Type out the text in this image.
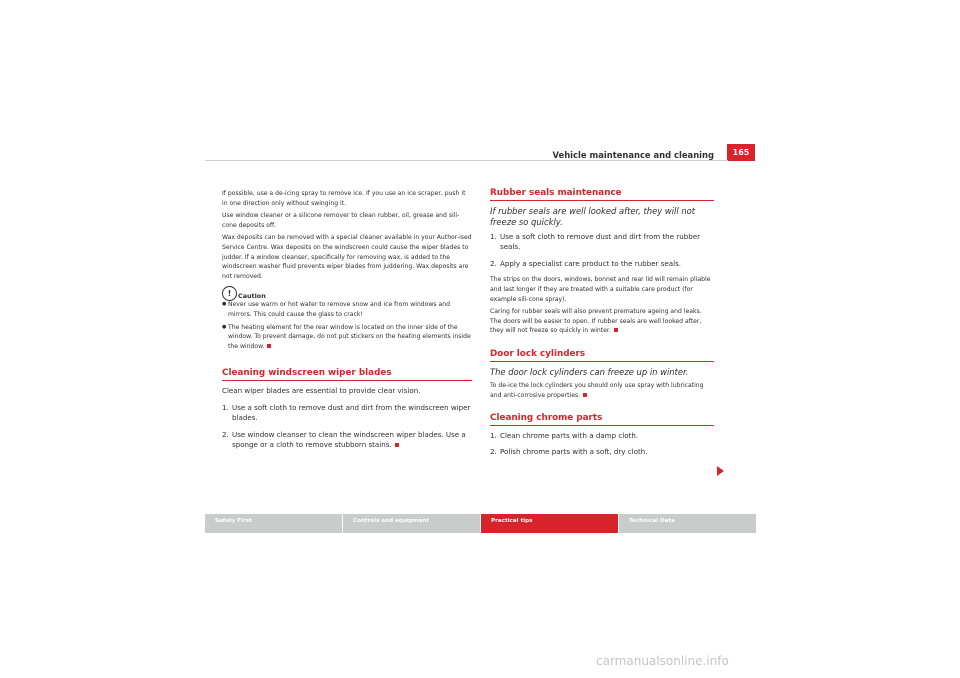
Vehicle maintenance and cleaning	165

If possible, use a de-icing spray to remove ice. If you use an ice scraper, push it in one direction only without swinging it.

Use window cleaner or a silicone remover to clean rubber, oil, grease and sili-cone deposits off.

Wax deposits can be removed with a special cleaner available in your Author-ised Service Centre. Wax deposits on the windscreen could cause the wiper blades to judder. If a window cleanser, specifically for removing wax, is added to the windscreen washer fluid prevents wiper blades from juddering. Wax deposits are not removed.

!	Caution

● Never use warm or hot water to remove snow and ice from windows and mirrors. This could cause the glass to crack!

● The heating element for the rear window is located on the inner side of the window. To prevent damage, do not put stickers on the heating elements inside the window.

Cleaning windscreen wiper blades

Clean wiper blades are essential to provide clear vision.

1. Use a soft cloth to remove dust and dirt from the windscreen wiper blades.
2. Use window cleanser to clean the windscreen wiper blades. Use a sponge or a cloth to remove stubborn stains.
Rubber seals maintenance

If rubber seals are well looked after, they will not freeze so quickly.

1. Use a soft cloth to remove dust and dirt from the rubber seals.
2. Apply a specialist care product to the rubber seals.

The strips on the doors, windows, bonnet and rear lid will remain pliable and last longer if they are treated with a suitable care product (for example sili-cone spray).

Caring for rubber seals will also prevent premature ageing and leaks. The doors will be easier to open. If rubber seals are well looked after, they will not freeze so quickly in winter.

Door lock cylinders

The door lock cylinders can freeze up in winter.

To de-ice the lock cylinders you should only use spray with lubricating and anti-corrosive properties.

Cleaning chrome parts
1. Clean chrome parts with a damp cloth.
2. Polish chrome parts with a soft, dry cloth.
Safety First	Controls and equipment	Practical tips	Technical Data
carmanualsonline.info
